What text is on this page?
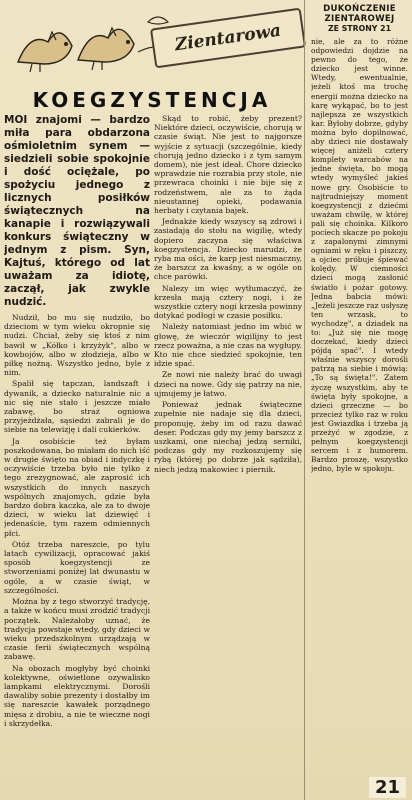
Zientarowa
KOEGZYSTENCJA

MOI znajomi — bardzo miła para obdarzona ośmioletnim synem — siedzieli sobie spokojnie i dość ociężale, po spożyciu jednego z licznych posiłków świątecznych na kanapie i rozwiązywali konkurs świąteczny w jednym z pism. Syn, Kajtuś, którego od lat uważam za idiotę, zaczął, jak zwykle nudzić.

Nudził, bo mu się nudziło, bo dzieciom w tym wieku okropnie się nudzi. Chciał, żeby się ktoś z nim bawił w „Kółko i krzyżyk", albo w kowbojów, albo w złodzieja, albo w piłkę nożną. Wszystko jedno, byle z nim.

Spalił się tapczan, landszaft i dywanik, a dziecko naturalnie nic a nic się nie stało i jeszcze miało zabawę, bo straż ogniowa przyjeżdżała, sąsiedzi zabrali je do siebie na telewizję i dali cukierków.

Ja osobiście też byłam poszkodowana, bo miałam do nich iść w drugie święto na obiad i indyczkę i oczywiście trzeba było nie tylko z tego zrezygnować, ale zaprosić ich wszystkich do innych naszych wspólnych znajomych, gdzie była bardzo dobra kaczka, ale za to dwoje dzieci, w wieku lat dziewięć i jedenaście, tym razem odmiennych płci.

Otóż trzeba nareszcie, po tylu latach cywilizacji, opracować jakiś sposób koegzystencji ze stworzeniami poniżej lat dwunastu w ogóle, a w czasie świąt, w szczególności.

Można by z tego stworzyć tradycję, a także w końcu musi zrodzić tradycji początek. Należałoby uznać, że tradycja powstaje wtedy, gdy dzieci w wieku przedszkolnym urządzają w czasie ferii świątecznych wspólną zabawę.

Na obozach mogłyby być choinki kolektywne, oświetlone ozywalisko lampkami elektrycznymi. Dorośli dawaliby sobie prezenty i dostałby im się nareszcie kawałek porządnego mięsa z drobiu, a nie te wieczne nogi i skrzydełka.

Skąd to robić, żeby prezent? Niektóre dzieci, oczywiście, chorują w czasie świąt. Nie jest to najgorsze wyjście z sytuacji (szczególnie, kiedy chorują jedno dziecko i z tym samym domem), nie jest ideał. Chore dziecko wprawdzie nie rozrabia przy stole, nie przewraca choinki i nie bije się z rodzeństwem, ale za to żąda nieustannej opieki, podawania herbaty i czytania bajek.

Jednakże kiedy wszyscy są zdrowi i zasiadają do stołu na wigilię, wtedy dopiero zaczyna się właściwa koegzystencja. Dziecko marudzi, że ryba ma ości, że karp jest niesmaczny, że barszcz za kwaśny, a w ogóle on chce parówki.

Nalezy im więc wytłumaczyć, że krzesła mają cztery nogi, i że wszystkie cztery nogi krzesła powinny dotykać podłogi w czasie posiłku.

Należy natomiast jedno im wbić w głowę, że wieczór wigilijny to jest rzecz poważna, a nie czas na wygłupy. Kto nie chce siedzieć spokojnie, ten idzie spać.

Ze nowi nie należy brać do uwagi dzieci na nowe. Gdy się patrzy na nie, ujmujemy je łatwo.

Ponieważ jednak świąteczne zupełnie nie nadaje się dla dzieci, proponuję, żeby im od razu dawać deser. Podczas gdy my jemy barszcz z uszkami, one niechaj jedzą serniki, podczas gdy my rozkoszujemy się rybą (której po dobrze jak sądziła), niech jedzą makowiec i piernik.

DUKOŃCZENIE ZIENTAROWEJ
ZE STRONY 21
nie, ale za to różne odpowiedzi dojdzie na pewno do tego, że dziecko jest winne. Wtedy, ewentualnie, jeżeli ktoś ma trochę energii można dziecko na karę wykąpać, bo to jest najlepsza ze wszystkich kar. Byłoby dobrze, gdyby można było dopilnować, aby dzieci nie dostawały więcej aniżeli cztery komplety warcabów na jedne święta, bo mogą wtedy wymyśleć jakieś nowe gry. Osobiście to najtrudniejszy moment koegzystencji z dziećmi uważam chwilę, w której pali się choinka. Kilkoro pociech skacze po pokoju z zapalonymi zimnymi ogniami w ręku i piszczy, a ojciec próbuje śpiewać kolędy. W ciemności dzieci mogą zasłonić światło i pożar gotowy. Jedna babcia mówi: „Jeżeli jeszcze raz usłyszę ten wrzask, to wychodzę", a dziadek na to: „Już się nie mogę doczekać, kiedy dzieci pójdą spać". I wtedy właśnie wszyscy dorośli patrzą na siebie i mówią: „To są święta!". Zatem życzę wszystkim, aby te święta były spokojne, a dzieci grzeczne — bo przecież tylko raz w roku jest Gwiazdka i trzeba ją przeżyć w zgodzie, z pełnym koegzystencji sercem i z humorem. Bardzo proszę, wszystko jedno, byle w spokoju.
21
